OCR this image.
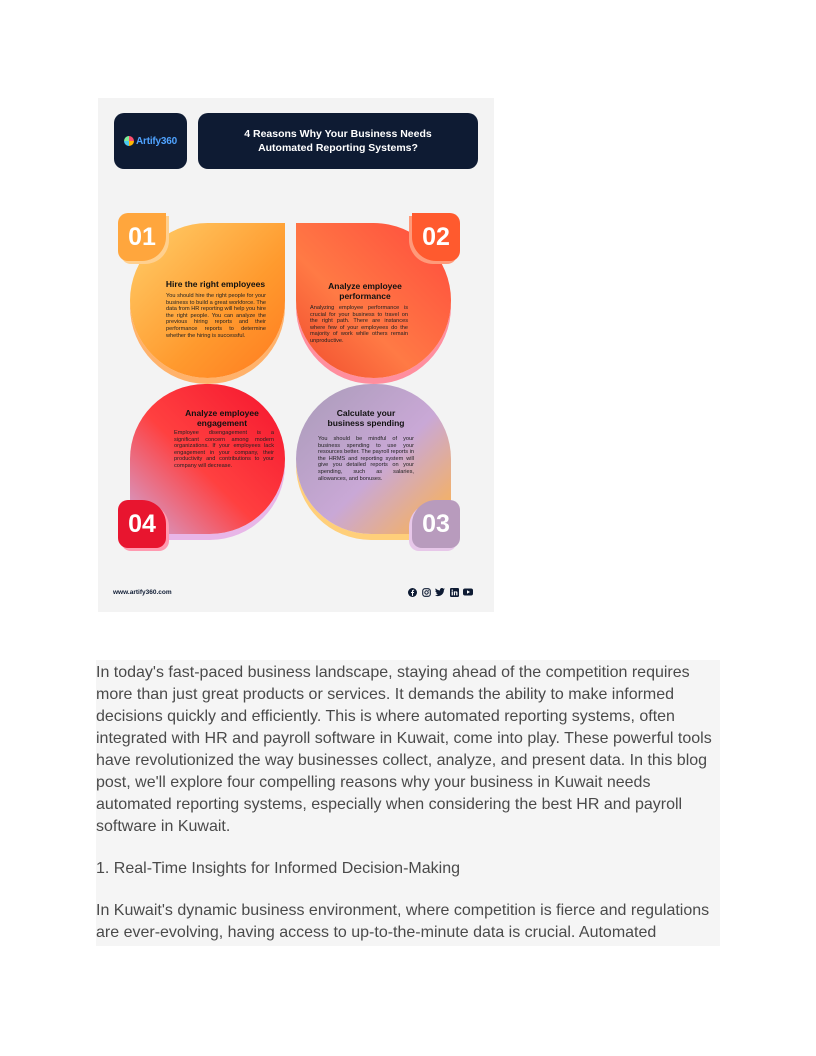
Artify360
4 Reasons Why Your Business Needs Automated Reporting Systems?
Hire the right employees
You should hire the right people for your business to build a great workforce. The data from HR reporting will help you hire the right people. You can analyze the previous hiring reports and their performance reports to determine whether the hiring is successful.
Analyze employee performance
Analyzing employee performance is crucial for your business to travel on the right path. There are instances where few of your employees do the majority of work while others remain unproductive.
Calculate your business spending
You should be mindful of your business spending to use your resources better. The payroll reports in the HRMS and reporting system will give you detailed reports on your spending, such as salaries, allowances, and bonuses.
Analyze employee engagement
Employee disengagement is a significant concern among modern organizations. If your employees lack engagement in your company, their productivity and contributions to your company will decrease.
01	02
03
04
www.artify360.com

In today's fast-paced business landscape, staying ahead of the competition requires more than just great products or services. It demands the ability to make informed decisions quickly and efficiently. This is where automated reporting systems, often integrated with HR and payroll software in Kuwait, come into play. These powerful tools have revolutionized the way businesses collect, analyze, and present data. In this blog post, we'll explore four compelling reasons why your business in Kuwait needs automated reporting systems, especially when considering the best HR and payroll software in Kuwait.

1. Real-Time Insights for Informed Decision-Making

In Kuwait's dynamic business environment, where competition is fierce and regulations are ever-evolving, having access to up-to-the-minute data is crucial. Automated
